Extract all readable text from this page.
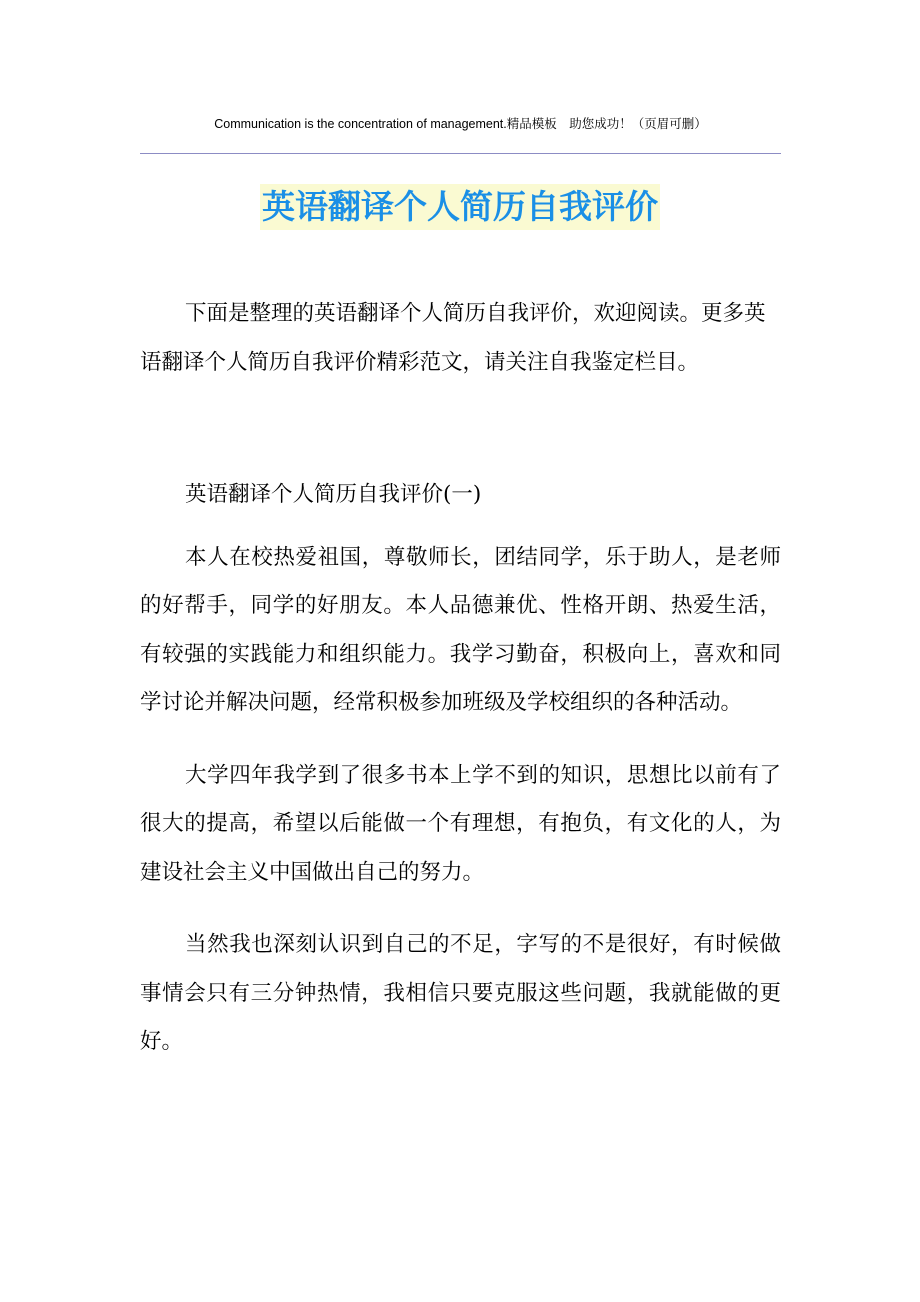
Communication is the concentration of management.精品模板　助您成功！（页眉可删）
英语翻译个人简历自我评价

下面是整理的英语翻译个人简历自我评价，欢迎阅读。更多英语翻译个人简历自我评价精彩范文，请关注自我鉴定栏目。

英语翻译个人简历自我评价(一)

本人在校热爱祖国，尊敬师长，团结同学，乐于助人，是老师的好帮手，同学的好朋友。本人品德兼优、性格开朗、热爱生活，有较强的实践能力和组织能力。我学习勤奋，积极向上，喜欢和同学讨论并解决问题，经常积极参加班级及学校组织的各种活动。

大学四年我学到了很多书本上学不到的知识，思想比以前有了很大的提高，希望以后能做一个有理想，有抱负，有文化的人，为建设社会主义中国做出自己的努力。

当然我也深刻认识到自己的不足，字写的不是很好，有时候做事情会只有三分钟热情，我相信只要克服这些问题，我就能做的更好。
